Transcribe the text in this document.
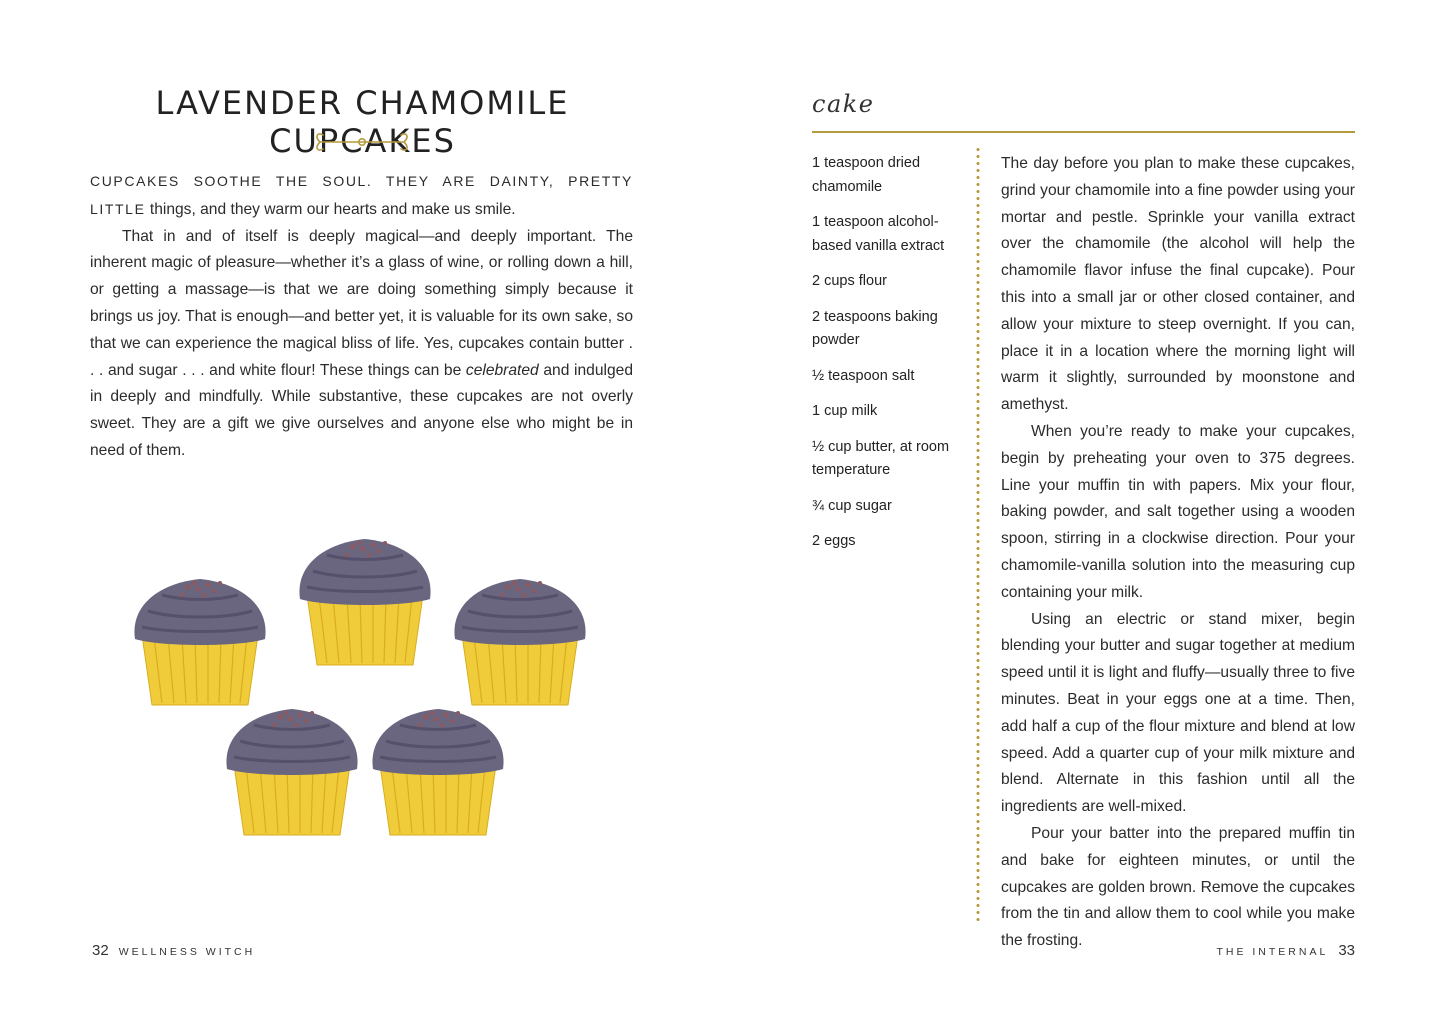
LAVENDER CHAMOMILE CUPCAKES

CUPCAKES SOOTHE THE SOUL. THEY ARE DAINTY, PRETTY LITTLE things, and they warm our hearts and make us smile.

That in and of itself is deeply magical—and deeply important. The inherent magic of pleasure—whether it’s a glass of wine, or rolling down a hill, or getting a massage—is that we are doing something simply because it brings us joy. That is enough—and better yet, it is valuable for its own sake, so that we can experience the magical bliss of life. Yes, cupcakes contain butter . . . and sugar . . . and white flour! These things can be celebrated and indulged in deeply and mindfully. While substantive, these cupcakes are not overly sweet. They are a gift we give ourselves and anyone else who might be in need of them.

32 WELLNESS WITCH
cake
1 teaspoon dried chamomile
1 teaspoon alcohol-based vanilla extract
2 cups flour
2 teaspoons baking powder
½ teaspoon salt
1 cup milk
½ cup butter, at room temperature
¾ cup sugar
2 eggs

The day before you plan to make these cupcakes, grind your chamomile into a fine powder using your mortar and pestle. Sprinkle your vanilla extract over the chamomile (the alcohol will help the chamomile flavor infuse the final cupcake). Pour this into a small jar or other closed container, and allow your mixture to steep overnight. If you can, place it in a location where the morning light will warm it slightly, surrounded by moonstone and amethyst.

When you’re ready to make your cupcakes, begin by preheating your oven to 375 degrees. Line your muffin tin with papers. Mix your flour, baking powder, and salt together using a wooden spoon, stirring in a clockwise direction. Pour your chamomile-vanilla solution into the measuring cup containing your milk.

Using an electric or stand mixer, begin blending your butter and sugar together at medium speed until it is light and fluffy—usually three to five minutes. Beat in your eggs one at a time. Then, add half a cup of the flour mixture and blend at low speed. Add a quarter cup of your milk mixture and blend. Alternate in this fashion until all the ingredients are well-mixed.

Pour your batter into the prepared muffin tin and bake for eighteen minutes, or until the cupcakes are golden brown. Remove the cupcakes from the tin and allow them to cool while you make the frosting.

THE INTERNAL 33
